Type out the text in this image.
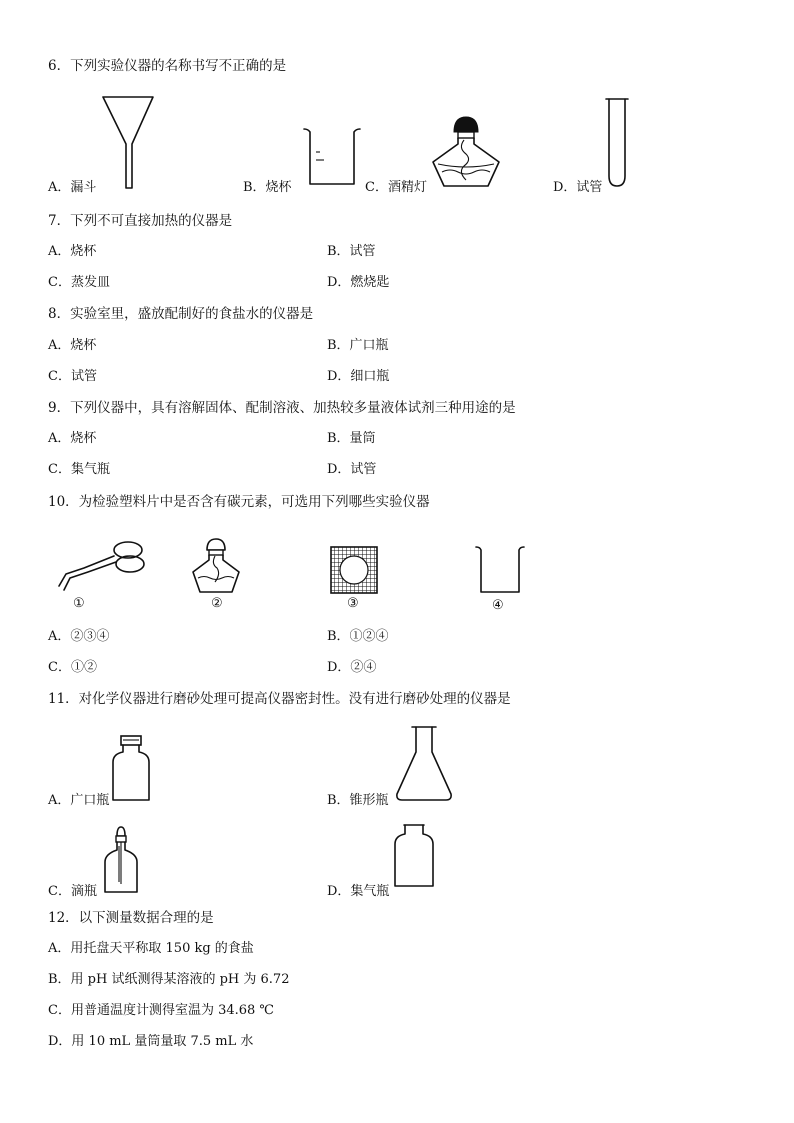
6．下列实验仪器的名称书写不正确的是
A．漏斗	B．烧杯	C．酒精灯	D．试管
7．下列不可直接加热的仪器是
A．烧杯	B．试管
C．蒸发皿	D．燃烧匙
8．实验室里，盛放配制好的食盐水的仪器是
A．烧杯	B．广口瓶
C．试管	D．细口瓶
9．下列仪器中，具有溶解固体、配制溶液、加热较多量液体试剂三种用途的是
A．烧杯	B．量筒
C．集气瓶	D．试管
10．为检验塑料片中是否含有碳元素，可选用下列哪些实验仪器
①	②	③	④
A．②③④	B．①②④
C．①②	D．②④
11．对化学仪器进行磨砂处理可提高仪器密封性。没有进行磨砂处理的仪器是
A．广口瓶	B．锥形瓶
C．滴瓶	D．集气瓶
12．以下测量数据合理的是
A．用托盘天平称取 150 kg 的食盐
B．用 pH 试纸测得某溶液的 pH 为 6.72
C．用普通温度计测得室温为 34.68 ℃
D．用 10 mL 量筒量取 7.5 mL 水
